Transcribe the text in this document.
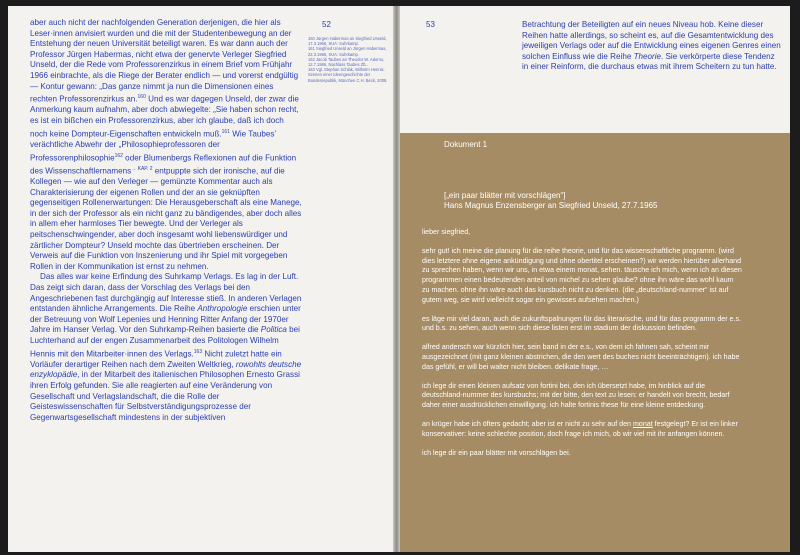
aber auch nicht der nachfolgenden Generation derjenigen, die hier als Leser·innen anvisiert wurden und die mit der Studentenbewegung an der Entstehung der neuen Universität beteiligt waren. Es war dann auch der Professor Jürgen Habermas, nicht etwa der genervte Verleger Siegfried Unseld, der die Rede vom Professorenzirkus in einem Brief vom Frühjahr 1966 einbrachte, als die Riege der Berater endlich — und vorerst endgültig — Kontur gewann: „Das ganze nimmt ja nun die Dimensionen eines rechten Professorenzirkus an.$^{160}$ Und es war dagegen Unseld, der zwar die Anmerkung kaum aufnahm, aber doch abwiegelte: „Sie haben schon recht, es ist ein bißchen ein Professorenzirkus, aber ich glaube, daß ich doch noch keine Dompteur-Eigenschaften entwickeln muß.$^{161}$ Wie Taubes’ verächtliche Abwehr der „Philosophieprofessoren der Professorenphilosophie$^{162}$ oder Blumenbergs Reflexionen auf die Funktion des Wissenschaftlernamens$^{\to KAP. 2}$ entpuppte sich der ironische, auf die Kollegen — wie auf den Verleger — gemünzte Kommentar auch als Charakterisierung der eigenen Rollen und der an sie geknüpften gegenseitigen Rollenerwartungen: Die Herausgeberschaft als eine Manege, in der sich der Professor als ein nicht ganz zu bändigendes, aber doch alles in allem eher harmloses Tier bewegte. Und der Verleger als peitschenschwingender, aber doch insgesamt wohl liebenswürdiger und zärtlicher Dompteur? Unseld mochte das übertrieben erscheinen. Der Verweis auf die Funktion von Inszenierung und ihr Spiel mit vorgegeben Rollen in der Kommunikation ist ernst zu nehmen.

Das alles war keine Erfindung des Suhrkamp Verlags. Es lag in der Luft. Das zeigt sich daran, dass der Vorschlag des Verlags bei den Angeschriebenen fast durchgängig auf Interesse stieß. In anderen Verlagen entstanden ähnliche Arrangements. Die Reihe Anthropologie erschien unter der Betreuung von Wolf Lepenies und Henning Ritter Anfang der 1970er Jahre im Hanser Verlag. Vor den Suhrkamp-Reihen basierte die Politica bei Luchterhand auf der engen Zusammenarbeit des Politologen Wilhelm Hennis mit den Mitarbeiter·innen des Verlags.$^{163}$ Nicht zuletzt hatte ein Vorläufer derartiger Reihen nach dem Zweiten Weltkrieg, rowohlts deutsche enzyklopädie, in der Mitarbeit des italienischen Philosophen Ernesto Grassi ihren Erfolg gefunden. Sie alle reagierten auf eine Veränderung von Gesellschaft und Verlagslandschaft, die die Rolle der Geisteswissenschaften für Selbstverständigungsprozesse der Gegenwartsgesellschaft mindestens in der subjektiven

52
160 Jürgen Habermas an Siegfried Unseld, 17.3.1966, SUA: Suhrkamp.
161 Siegfried Unseld an Jürgen Habermas, 22.3.1966, SUA: Suhrkamp.
162 Jacob Taubes an Theodor W. Adorno, 12.7.1966, Nachlass Taubes ZfL.
163 Vgl. Stephan Schlak, Wilhelm Hennis. Szenen einer Ideengeschichte der Bundesrepublik, München C.H. Beck, 2008.
53	Betrachtung der Beteiligten auf ein neues Niveau hob. Keine dieser Reihen hatte allerdings, so scheint es, auf die Gesamtentwicklung des jeweiligen Verlags oder auf die Entwicklung eines eigenen Genres einen solchen Einfluss wie die Reihe Theorie. Sie verkörperte diese Tendenz in einer Reinform, die durchaus etwas mit ihrem Scheitern zu tun hatte.

Dokument 1
[„ein paar blätter mit vorschlägen“]
Hans Magnus Enzensberger an Siegfried Unseld, 27.7.1965

lieber siegfried,

sehr gut! ich meine die planung für die reihe theorie, und für das wissenschaftliche programm. (wird dies letztere ohne eigene ankündigung und ohne obertitel erscheinen?) wir werden hierüber allerhand zu sprechen haben, wenn wir uns, in etwa einem monat, sehen. täusche ich mich, wenn ich an diesen programmen einen bedeutenden anteil von michel zu sehen glaube? ohne ihn wäre das wohl kaum zu machen. ohne ihn wäre auch das kursbuch nicht zu denken. (die „deutschland-nummer“ ist auf gutem weg, sie wird vielleicht sogar ein gewisses aufsehen machen.)

es läge mir viel daran, auch die zukunftspalnungen für das literarische, und für das programm der e.s. und b.s. zu sehen, auch wenn sich diese listen erst im stadium der diskussion befinden.

alfred andersch war kürzlich hier, sein band in der e.s., von dem ich fahnen sah, scheint mir ausgezeichnet (mit ganz kleinen abstrichen, die den wert des buches nicht beeinträchtigen). ich habe das gefühl, er will bei walter nicht bleiben. delikate frage, …

ich lege dir einen kleinen aufsatz von fortini bei, den ich übersetzt habe, im hinblick auf die deutschland-nummer des kursbuchs; mit der bitte, den text zu lesen: er handelt von brecht, bedarf daher einer ausdrücklichen einwilligung. ich halte fortinis these für eine kleine entdeckung.

an krüger habe ich öfters gedacht; aber ist er nicht zu sehr auf den monat festgelegt? Er ist ein linker konservativer: keine schlechte position, doch frage ich mich, ob wir viel mit ihr anfangen können.

ich lege dir ein paar blätter mit vorschlägen bei.
